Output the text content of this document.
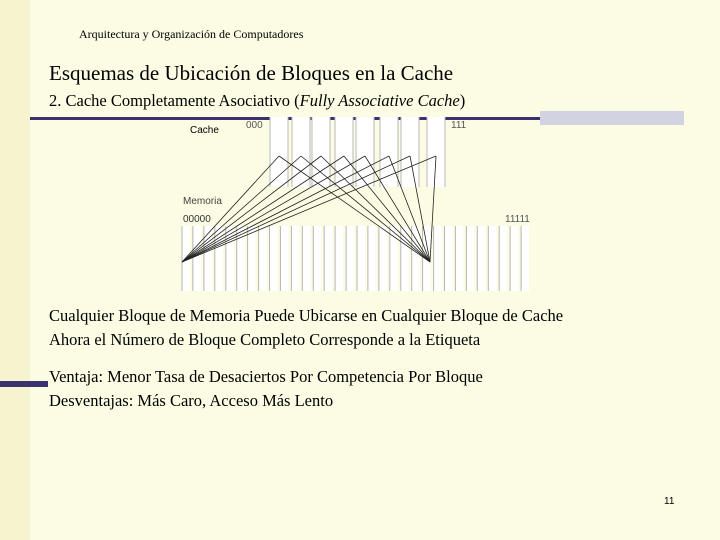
Arquitectura y Organización de Computadores
Esquemas de Ubicación de Bloques en la Cache
2. Cache Completamente Asociativo (Fully Associative Cache)
Cache	000	111
Memoria
00000	11111
Cualquier Bloque de Memoria Puede Ubicarse en Cualquier Bloque de Cache
Ahora el Número de Bloque Completo Corresponde a la Etiqueta
Ventaja: Menor Tasa de Desaciertos Por Competencia Por Bloque
Desventajas: Más Caro, Acceso Más Lento
11
